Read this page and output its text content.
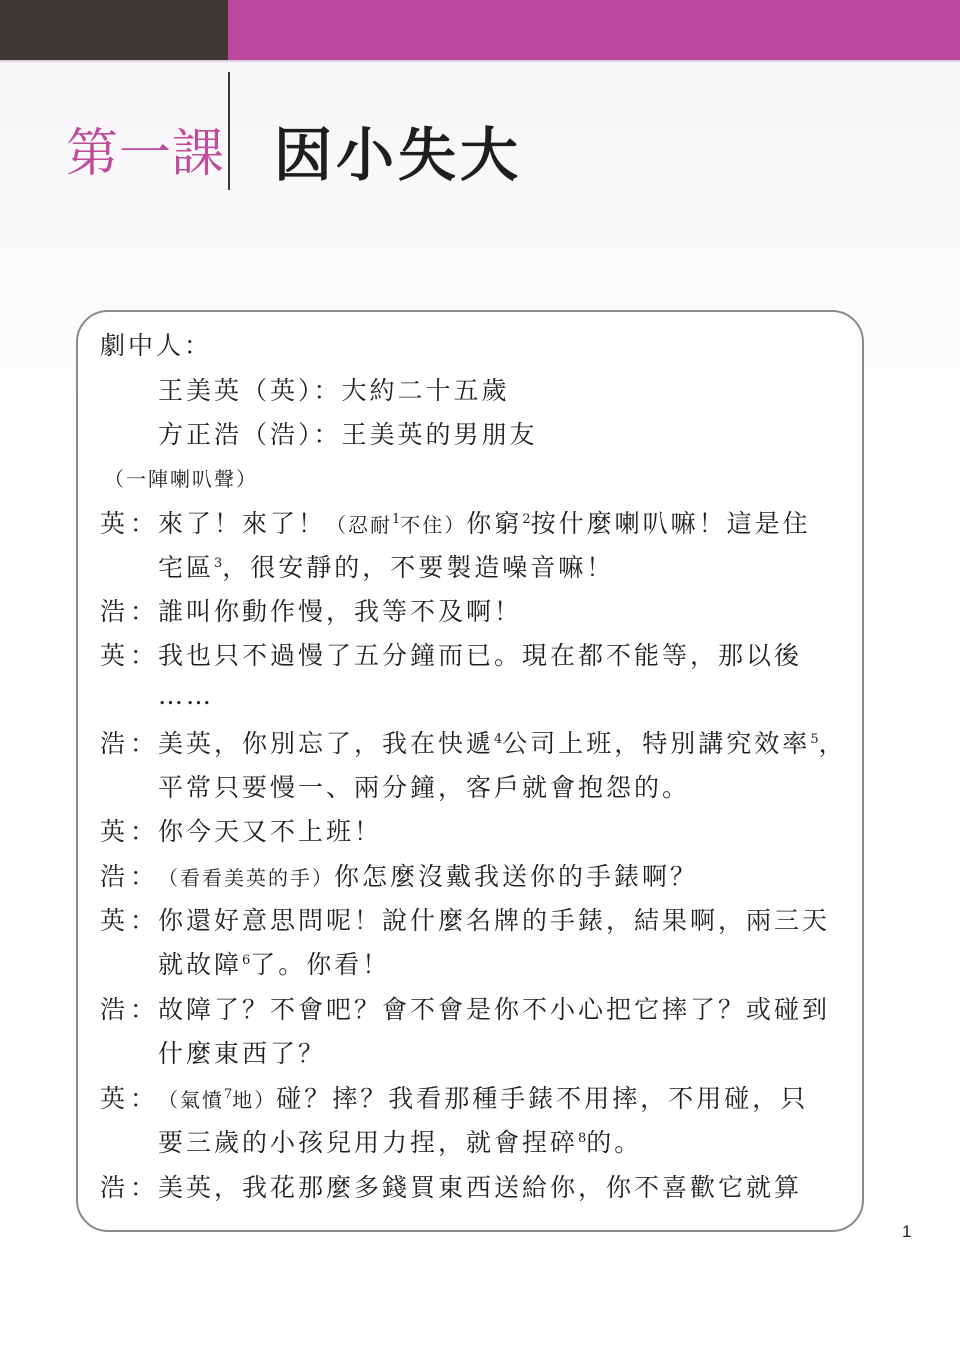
第一課 因小失大
劇中人：
王美英（英）：大約二十五歲
方正浩（浩）：王美英的男朋友
（一陣喇叭聲）
英 ： 來了！來了！（忍耐$^1$不住）你窮$^2$按什麼喇叭嘛！這是住
宅區$^3$，很安靜的，不要製造噪音嘛！
浩 ： 誰叫你動作慢，我等不及啊！
英 ： 我也只不過慢了五分鐘而已。現在都不能等，那以後
……
浩 ： 美英，你別忘了，我在快遞$^4$公司上班，特別講究效率$^5$，
平常只要慢一、兩分鐘，客戶就會抱怨的。
英 ： 你今天又不上班！
浩 ： （看看美英的手）你怎麼沒戴我送你的手錶啊？
英 ： 你還好意思問呢！說什麼名牌的手錶，結果啊，兩三天
就故障$^6$了。你看！
浩 ： 故障了？不會吧？會不會是你不小心把它摔了？或碰到
什麼東西了？
英 ： （氣憤$^7$地）碰？摔？我看那種手錶不用摔，不用碰，只
要三歲的小孩兒用力捏，就會捏碎$^8$的。
浩 ： 美英，我花那麼多錢買東西送給你，你不喜歡它就算
1
